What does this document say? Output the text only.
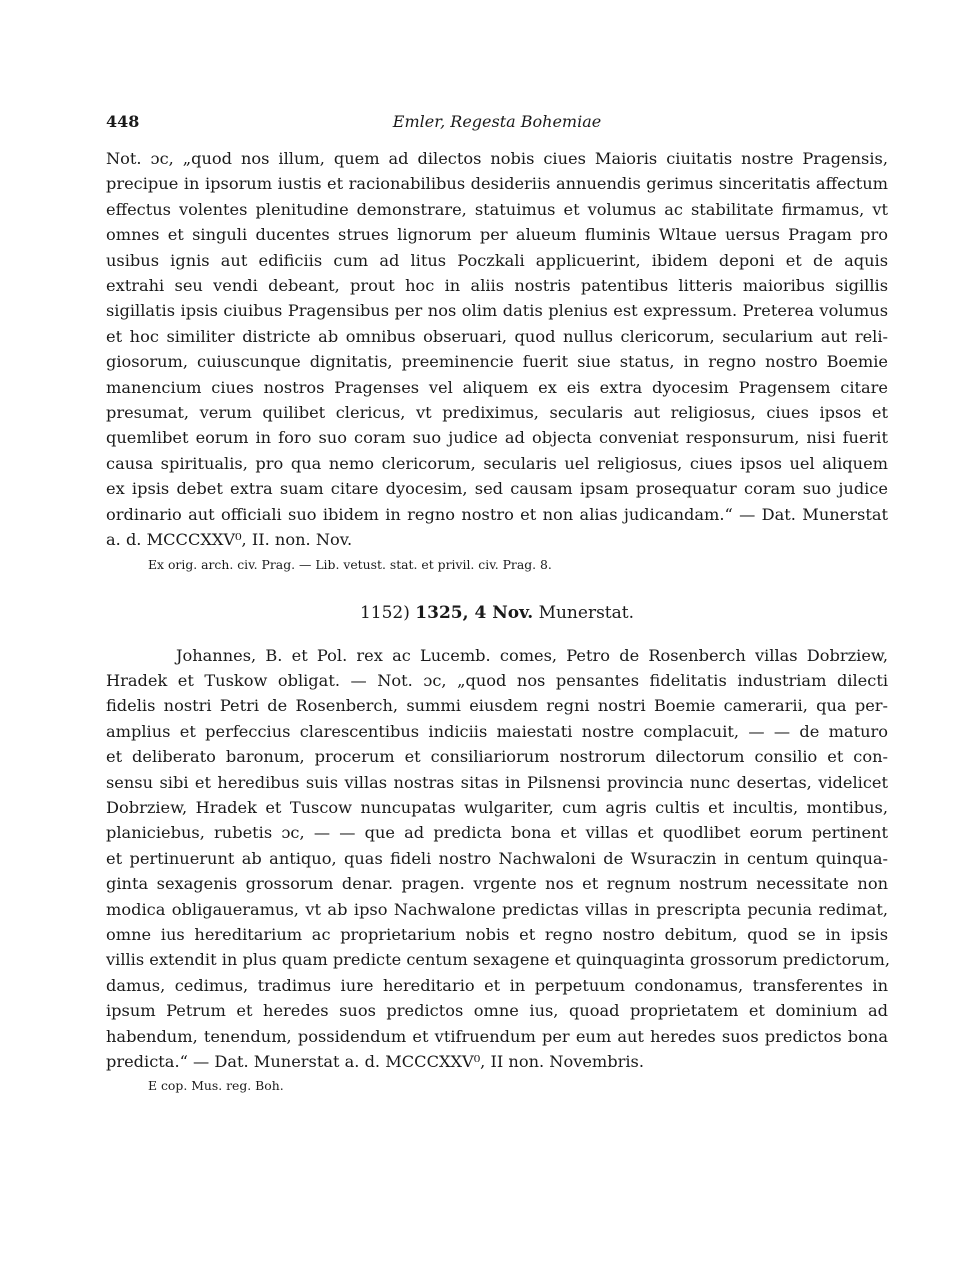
448	Emler, Regesta Bohemiae
Not. ɔc, „quod nos illum, quem ad dilectos nobis ciues Maioris ciuitatis nostre Pragensis,
precipue in ipsorum iustis et racionabilibus desideriis annuendis gerimus sinceritatis affectum
effectus volentes plenitudine demonstrare, statuimus et volumus ac stabilitate firmamus, vt
omnes et singuli ducentes strues lignorum per alueum fluminis Wltaue uersus Pragam pro
usibus ignis aut edificiis cum ad litus Poczkali applicuerint, ibidem deponi et de aquis
extrahi seu vendi debeant, prout hoc in aliis nostris patentibus litteris maioribus sigillis
sigillatis ipsis ciuibus Pragensibus per nos olim datis plenius est expressum. Preterea volumus
et hoc similiter districte ab omnibus obseruari, quod nullus clericorum, secularium aut reli-
giosorum, cuiuscunque dignitatis, preeminencie fuerit siue status, in regno nostro Boemie
manencium ciues nostros Pragenses vel aliquem ex eis extra dyocesim Pragensem citare
presumat, verum quilibet clericus, vt prediximus, secularis aut religiosus, ciues ipsos et
quemlibet eorum in foro suo coram suo judice ad objecta conveniat responsurum, nisi fuerit
causa spiritualis, pro qua nemo clericorum, secularis uel religiosus, ciues ipsos uel aliquem
ex ipsis debet extra suam citare dyocesim, sed causam ipsam prosequatur coram suo judice
ordinario aut officiali suo ibidem in regno nostro et non alias judicandam.“ — Dat. Munerstat
a. d. MCCCXXV⁰, II. non. Nov.
Ex orig. arch. civ. Prag. — Lib. vetust. stat. et privil. civ. Prag. 8.
1152) 1325, 4 Nov. Munerstat.
Johannes, B. et Pol. rex ac Lucemb. comes, Petro de Rosenberch villas Dobrziew,
Hradek et Tuskow obligat. — Not. ɔc, „quod nos pensantes fidelitatis industriam dilecti
fidelis nostri Petri de Rosenberch, summi eiusdem regni nostri Boemie camerarii, qua per-
amplius et perfeccius clarescentibus indiciis maiestati nostre complacuit, — — de maturo
et deliberato baronum, procerum et consiliariorum nostrorum dilectorum consilio et con-
sensu sibi et heredibus suis villas nostras sitas in Pilsnensi provincia nunc desertas, videlicet
Dobrziew, Hradek et Tuscow nuncupatas wulgariter, cum agris cultis et incultis, montibus,
planiciebus, rubetis ɔc, — — que ad predicta bona et villas et quodlibet eorum pertinent
et pertinuerunt ab antiquo, quas fideli nostro Nachwaloni de Wsuraczin in centum quinqua-
ginta sexagenis grossorum denar. pragen. vrgente nos et regnum nostrum necessitate non
modica obligaueramus, vt ab ipso Nachwalone predictas villas in prescripta pecunia redimat,
omne ius hereditarium ac proprietarium nobis et regno nostro debitum, quod se in ipsis
villis extendit in plus quam predicte centum sexagene et quinquaginta grossorum predictorum,
damus, cedimus, tradimus iure hereditario et in perpetuum condonamus, transferentes in
ipsum Petrum et heredes suos predictos omne ius, quoad proprietatem et dominium ad
habendum, tenendum, possidendum et vtifruendum per eum aut heredes suos predictos bona
predicta.“ — Dat. Munerstat a. d. MCCCXXV⁰, II non. Novembris.
E cop. Mus. reg. Boh.
